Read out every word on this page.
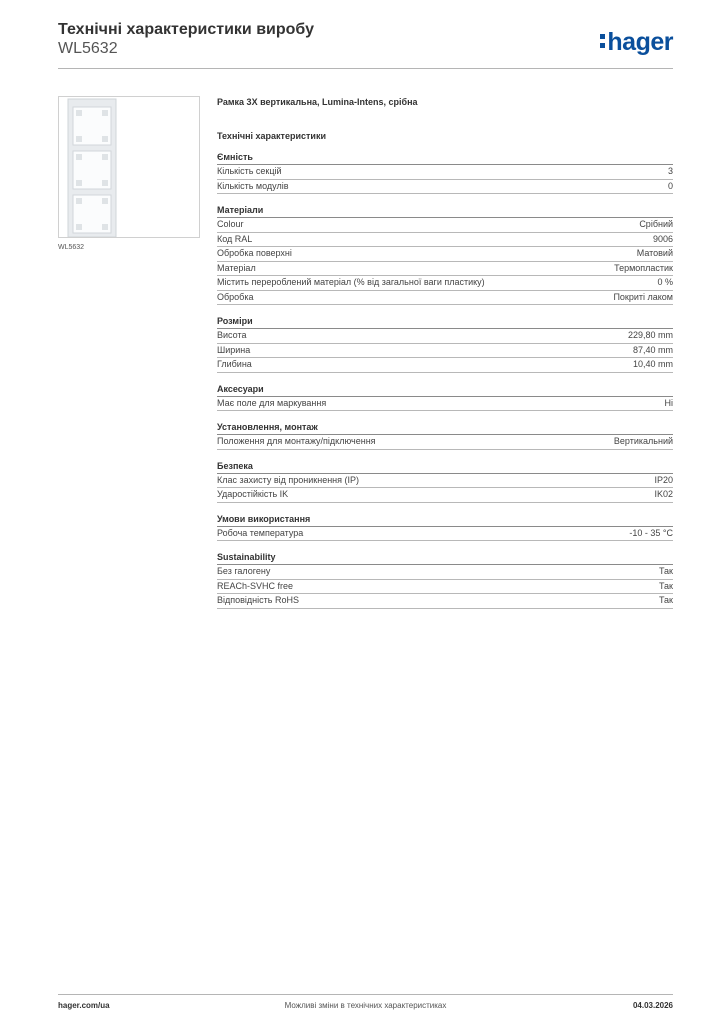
Технічні характеристики виробу
WL5632	hager
WL5632
Рамка 3X вертикальна, Lumina-Intens, срібна
Технічні характеристики
Ємність
Кількість секцій	3
Кількість модулів	0
Матеріали
Colour	Срібний
Код RAL	9006
Обробка поверхні	Матовий
Матеріал	Термопластик
Містить перероблений матеріал (% від загальної ваги пластику)	0 %
Обробка	Покриті лаком
Розміри
Висота	229,80 mm
Ширина	87,40 mm
Глибина	10,40 mm
Аксесуари
Має поле для маркування	Ні
Установлення, монтаж
Положення для монтажу/підключення	Вертикальний
Безпека
Клас захисту від проникнення (IP)	IP20
Ударостійкість IK	IK02
Умови використання
Робоча температура	-10 - 35 °C
Sustainability
Без галогену	Так
REACh-SVHC free	Так
Відповідність RoHS	Так
hager.com/ua	Можливі зміни в технічних характеристиках	04.03.2026
